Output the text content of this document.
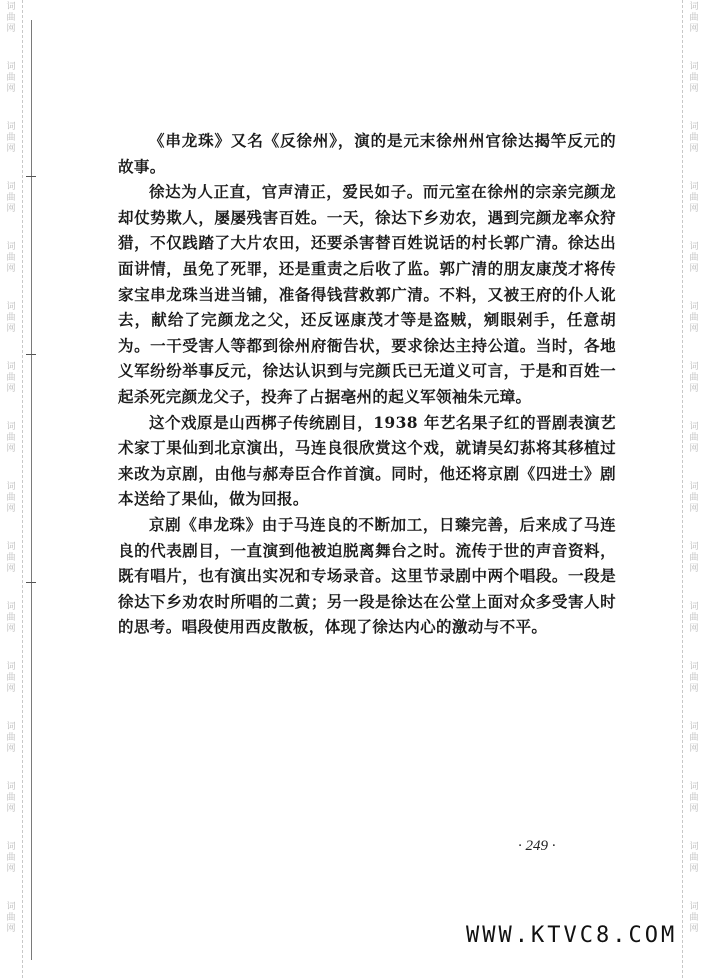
词
曲
网
词
曲
网
词
曲
网
词
曲
网
词
曲
网
词
曲
网
词
曲
网
词
曲
网
词
曲
网
词
曲
网
词
曲
网
词
曲
网
词
曲
网
词
曲
网
词
曲
网
词
曲
网
词
曲
网
词
曲
网
词
曲
网
词
曲
网
词
曲
网
词
曲
网
词
曲
网
词
曲
网
词
曲
网
词
曲
网
词
曲
网
词
曲
网
词
曲
网
词
曲
网
词
曲
网
词
曲
网

《串龙珠》又名《反徐州》，演的是元末徐州州官徐达揭竿反元的故事。

徐达为人正直，官声清正，爱民如子。而元室在徐州的宗亲完颜龙却仗势欺人，屡屡残害百姓。一天，徐达下乡劝农，遇到完颜龙率众狩猎，不仅践踏了大片农田，还要杀害替百姓说话的村长郭广清。徐达出面讲情，虽免了死罪，还是重责之后收了监。郭广清的朋友康茂才将传家宝串龙珠当进当铺，准备得钱营救郭广清。不料，又被王府的仆人讹去，献给了完颜龙之父，还反诬康茂才等是盗贼，剜眼剁手，任意胡为。一干受害人等都到徐州府衙告状，要求徐达主持公道。当时，各地义军纷纷举事反元，徐达认识到与完颜氏已无道义可言，于是和百姓一起杀死完颜龙父子，投奔了占据亳州的起义军领袖朱元璋。

这个戏原是山西梆子传统剧目，1938 年艺名果子红的晋剧表演艺术家丁果仙到北京演出，马连良很欣赏这个戏，就请吴幻荪将其移植过来改为京剧，由他与郝寿臣合作首演。同时，他还将京剧《四进士》剧本送给了果仙，做为回报。

京剧《串龙珠》由于马连良的不断加工，日臻完善，后来成了马连良的代表剧目，一直演到他被迫脱离舞台之时。流传于世的声音资料，既有唱片，也有演出实况和专场录音。这里节录剧中两个唱段。一段是徐达下乡劝农时所唱的二黄；另一段是徐达在公堂上面对众多受害人时的思考。唱段使用西皮散板，体现了徐达内心的激动与不平。

· 249 ·
WWW.KTVC8.COM
